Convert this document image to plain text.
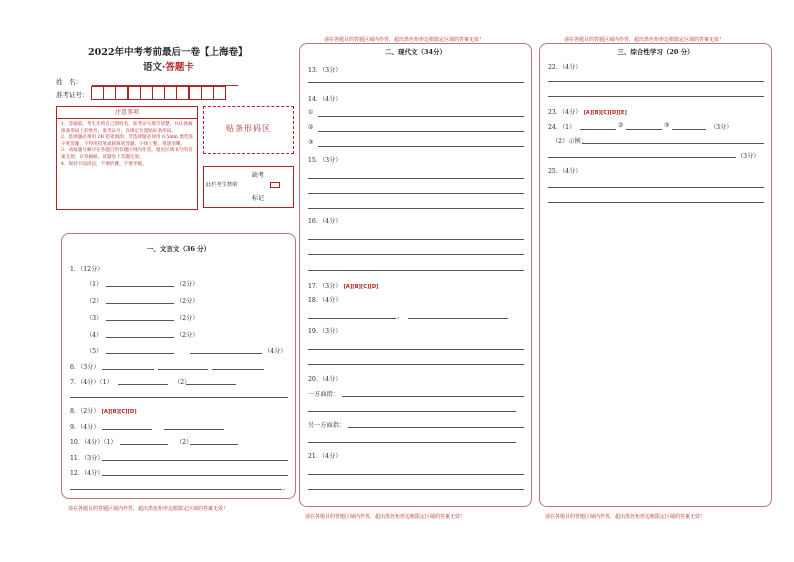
2022年中考考前最后一卷【上海卷】
语文·答题卡
姓　名：
准考证号：
注意事项
1．答题前，考生先将自己的姓名，准考证号填写清楚，并认真核准条形码上的姓名，准考证号，在规定位置贴好条形码。
2．选择题必须用 2B 铅笔填涂；非选择题必须用 0.5mm 黑色签字笔答题，不得用铅笔或圆珠笔答题；字体工整、笔迹清晰。
3．请按题号顺序在各题目的答题区域内作答，超出区域书写的答案无效；在草稿纸、试题卷上答题无效。
4．保持卡面清洁，不要折叠、不要弄破。
贴条形码区
缺考
此栏考生禁填
标记
一、文言文（36 分）
1．（12分）
（1）	（2分）
（2）	（2分）
（3）	（2分）
（4）	（2分）
（5）	（4分）
6．（3分）
7．（4分）（1）	（2）
8．（2分） [A][B][C][D]
9．（4分）
10．（4分）（1）	（2）
11．（3分）
12．（4分）
。
请在各题目的答题区域内作答，超出黑色矩形边框限定区域的答案无效！
请在各题目的答题区域内作答，超出黑色矩形边框限定区域的答案无效！
二、现代文（34分）
13．（3分）
14．（4分）
①
②
③
15．（3分）
16．（4分）
17．（3分） [A][B][C][D]
18．（4分）
，
19．（3分）
20．（4分）
一方面指：
另一方面指：
21．（4分）
请在各题目的答题区域内作答，超出黑色矩形边框限定区域的答案无效！
请在各题目的答题区域内作答，超出黑色矩形边框限定区域的答案无效！
三、综合性学习（20 分）
22．（4分）
23．（4分） [A][B][C][D][E]
24．（1）	②	③	（3分）
（2）示例：
（3分）
25．（4分）
请在各题目的答题区域内作答，超出黑色矩形边框限定区域的答案无效！
